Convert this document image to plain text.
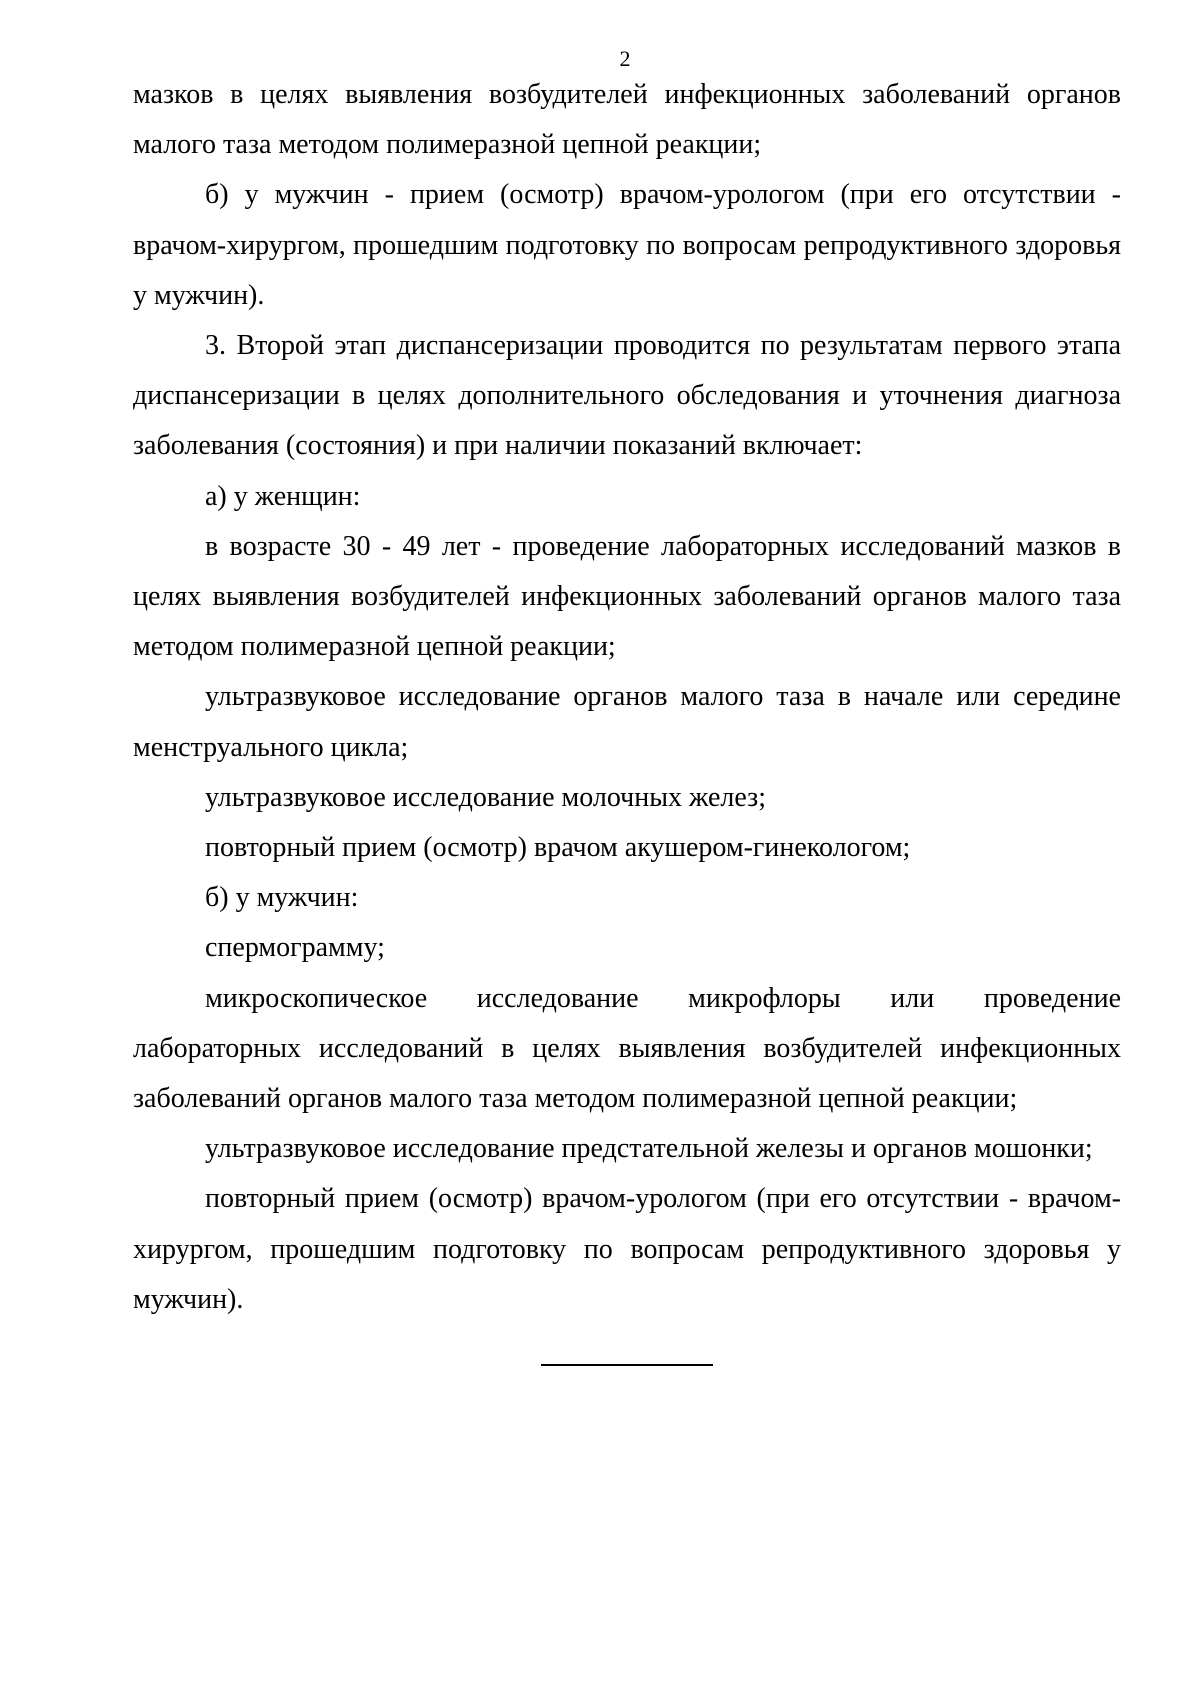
2

мазков в целях выявления возбудителей инфекционных заболеваний органов малого таза методом полимеразной цепной реакции;

б) у мужчин - прием (осмотр) врачом-урологом (при его отсутствии - врачом-хирургом, прошедшим подготовку по вопросам репродуктивного здоровья у мужчин).

3. Второй этап диспансеризации проводится по результатам первого этапа диспансеризации в целях дополнительного обследования и уточнения диагноза заболевания (состояния) и при наличии показаний включает:

а) у женщин:

в возрасте 30 - 49 лет - проведение лабораторных исследований мазков в целях выявления возбудителей инфекционных заболеваний органов малого таза методом полимеразной цепной реакции;

ультразвуковое исследование органов малого таза в начале или середине менструального цикла;

ультразвуковое исследование молочных желез;

повторный прием (осмотр) врачом акушером-гинекологом;

б) у мужчин:

спермограмму;

микроскопическое исследование микрофлоры или проведение лабораторных исследований в целях выявления возбудителей инфекционных заболеваний органов малого таза методом полимеразной цепной реакции;

ультразвуковое исследование предстательной железы и органов мошонки;

повторный прием (осмотр) врачом-урологом (при его отсутствии - врачом-хирургом, прошедшим подготовку по вопросам репродуктивного здоровья у мужчин).
